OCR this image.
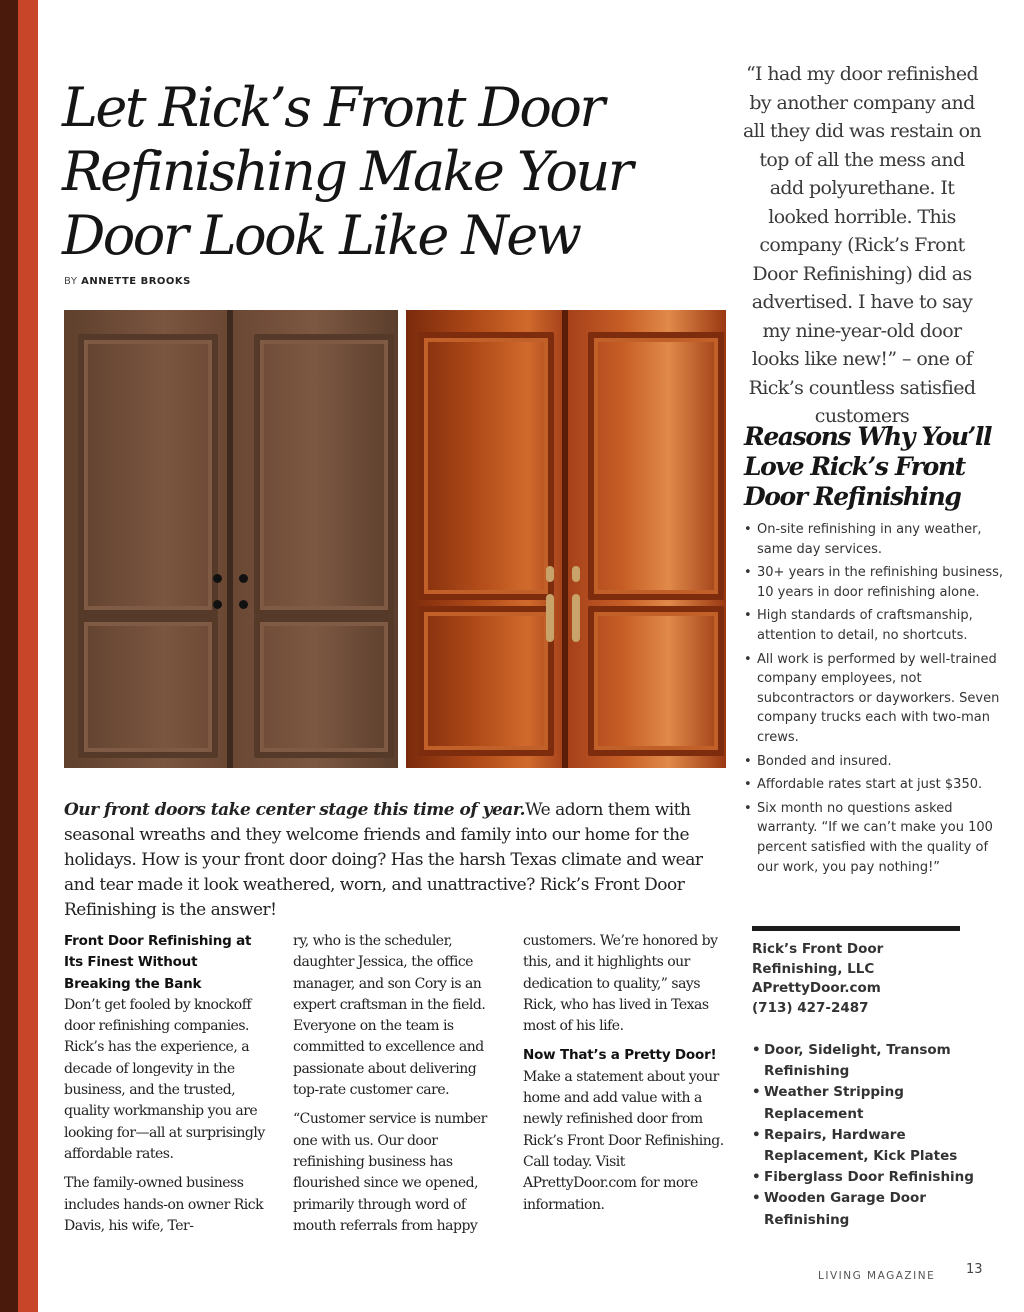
Let Rick’s Front Door Refinishing Make Your Door Look Like New
BY ANNETTE BROOKS

“I had my door refinished by another company and all they did was restain on top of all the mess and add polyurethane. It looked horrible. This company (Rick’s Front Door Refinishing) did as advertised. I have to say my nine-year-old door looks like new!” – one of Rick’s countless satisfied customers

Reasons Why You’ll Love Rick’s Front Door Refinishing
• On-site refinishing in any weather, same day services.
• 30+ years in the refinishing business, 10 years in door refinishing alone.
• High standards of craftsmanship, attention to detail, no shortcuts.
• All work is performed by well-trained company employees, not subcontractors or dayworkers. Seven company trucks each with two-man crews.
• Bonded and insured.
• Affordable rates start at just $350.
• Six month no questions asked warranty. “If we can’t make you 100 percent satisfied with the quality of our work, you pay nothing!”
Rick’s Front Door
Refinishing, LLC
APrettyDoor.com
(713) 427-2487
• Door, Sidelight, Transom Refinishing
• Weather Stripping Replacement
• Repairs, Hardware Replacement, Kick Plates
• Fiberglass Door Refinishing
• Wooden Garage Door Refinishing

Our front doors take center stage this time of year.We adorn them with seasonal wreaths and they welcome friends and family into our home for the holidays. How is your front door doing? Has the harsh Texas climate and wear and tear made it look weathered, worn, and unattractive? Rick’s Front Door Refinishing is the answer!

Front Door Refinishing at Its Finest Without Breaking the Bank

Don’t get fooled by knockoff door refinishing companies. Rick’s has the experience, a decade of longevity in the business, and the trusted, quality workmanship you are looking for—all at surprisingly affordable rates.

The family-owned business includes hands-on owner Rick Davis, his wife, Ter-

ry, who is the scheduler, daughter Jessica, the office manager, and son Cory is an expert craftsman in the field. Everyone on the team is committed to excellence and passionate about delivering top-rate customer care.

“Customer service is number one with us. Our door refinishing business has flourished since we opened, primarily through word of mouth referrals from happy

customers. We’re honored by this, and it highlights our dedication to quality,” says Rick, who has lived in Texas most of his life.

Now That’s a Pretty Door!

Make a statement about your home and add value with a newly refinished door from Rick’s Front Door Refinishing. Call today. Visit APrettyDoor.com for more information.

LIVING MAGAZINE 13
